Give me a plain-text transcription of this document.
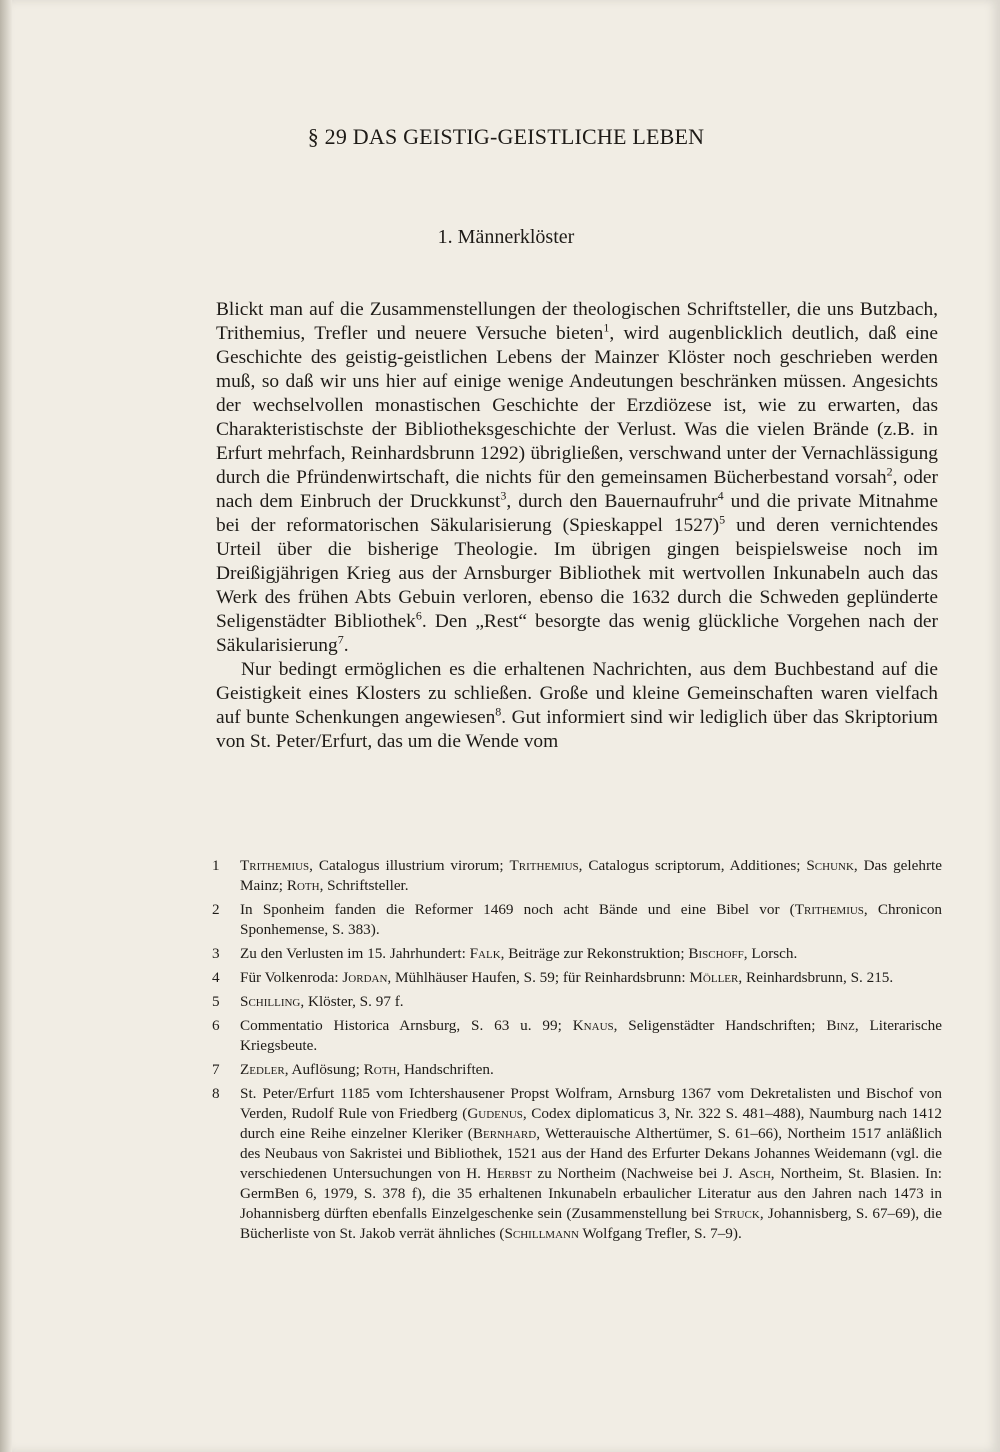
§ 29 DAS GEISTIG-GEISTLICHE LEBEN
1. Männerklöster

Blickt man auf die Zusammenstellungen der theologischen Schriftsteller, die uns Butzbach, Trithemius, Trefler und neuere Versuche bieten$^1$, wird augenblicklich deutlich, daß eine Geschichte des geistig-geistlichen Lebens der Mainzer Klöster noch geschrieben werden muß, so daß wir uns hier auf einige wenige Andeutungen beschränken müssen. Angesichts der wechselvollen monastischen Geschichte der Erzdiözese ist, wie zu erwarten, das Charakteristischste der Bibliotheksgeschichte der Verlust. Was die vielen Brände (z.B. in Erfurt mehrfach, Reinhardsbrunn 1292) übrigließen, verschwand unter der Vernachlässigung durch die Pfründenwirtschaft, die nichts für den gemeinsamen Bücherbestand vorsah$^2$, oder nach dem Einbruch der Druckkunst$^3$, durch den Bauernaufruhr$^4$ und die private Mitnahme bei der reformatorischen Säkularisierung (Spieskappel 1527)$^5$ und deren vernichtendes Urteil über die bisherige Theologie. Im übrigen gingen beispielsweise noch im Dreißigjährigen Krieg aus der Arnsburger Bibliothek mit wertvollen Inkunabeln auch das Werk des frühen Abts Gebuin verloren, ebenso die 1632 durch die Schweden geplünderte Seligenstädter Bibliothek$^6$. Den „Rest“ besorgte das wenig glückliche Vorgehen nach der Säkularisierung$^7$.

Nur bedingt ermöglichen es die erhaltenen Nachrichten, aus dem Buchbestand auf die Geistigkeit eines Klosters zu schließen. Große und kleine Gemeinschaften waren vielfach auf bunte Schenkungen angewiesen$^8$. Gut informiert sind wir lediglich über das Skriptorium von St. Peter/Erfurt, das um die Wende vom

1	Trithemius, Catalogus illustrium virorum; Trithemius, Catalogus scriptorum, Additiones; Schunk, Das gelehrte Mainz; Roth, Schriftsteller.
2	In Sponheim fanden die Reformer 1469 noch acht Bände und eine Bibel vor (Trithemius, Chronicon Sponhemense, S. 383).
3	Zu den Verlusten im 15. Jahrhundert: Falk, Beiträge zur Rekonstruktion; Bischoff, Lorsch.
4	Für Volkenroda: Jordan, Mühlhäuser Haufen, S. 59; für Reinhardsbrunn: Möller, Reinhardsbrunn, S. 215.
5	Schilling, Klöster, S. 97 f.
6	Commentatio Historica Arnsburg, S. 63 u. 99; Knaus, Seligenstädter Handschriften; Binz, Literarische Kriegsbeute.
7	Zedler, Auflösung; Roth, Handschriften.
8	St. Peter/Erfurt 1185 vom Ichtershausener Propst Wolfram, Arnsburg 1367 vom Dekretalisten und Bischof von Verden, Rudolf Rule von Friedberg (Gudenus, Codex diplomaticus 3, Nr. 322 S. 481–488), Naumburg nach 1412 durch eine Reihe einzelner Kleriker (Bernhard, Wetterauische Althertümer, S. 61–66), Northeim 1517 anläßlich des Neubaus von Sakristei und Bibliothek, 1521 aus der Hand des Erfurter Dekans Johannes Weidemann (vgl. die verschiedenen Untersuchungen von H. Herbst zu Northeim (Nachweise bei J. Asch, Northeim, St. Blasien. In: GermBen 6, 1979, S. 378 f), die 35 erhaltenen Inkunabeln erbaulicher Literatur aus den Jahren nach 1473 in Johannisberg dürften ebenfalls Einzelgeschenke sein (Zusammenstellung bei Struck, Johannisberg, S. 67–69), die Bücherliste von St. Jakob verrät ähnliches (Schillmann Wolfgang Trefler, S. 7–9).
